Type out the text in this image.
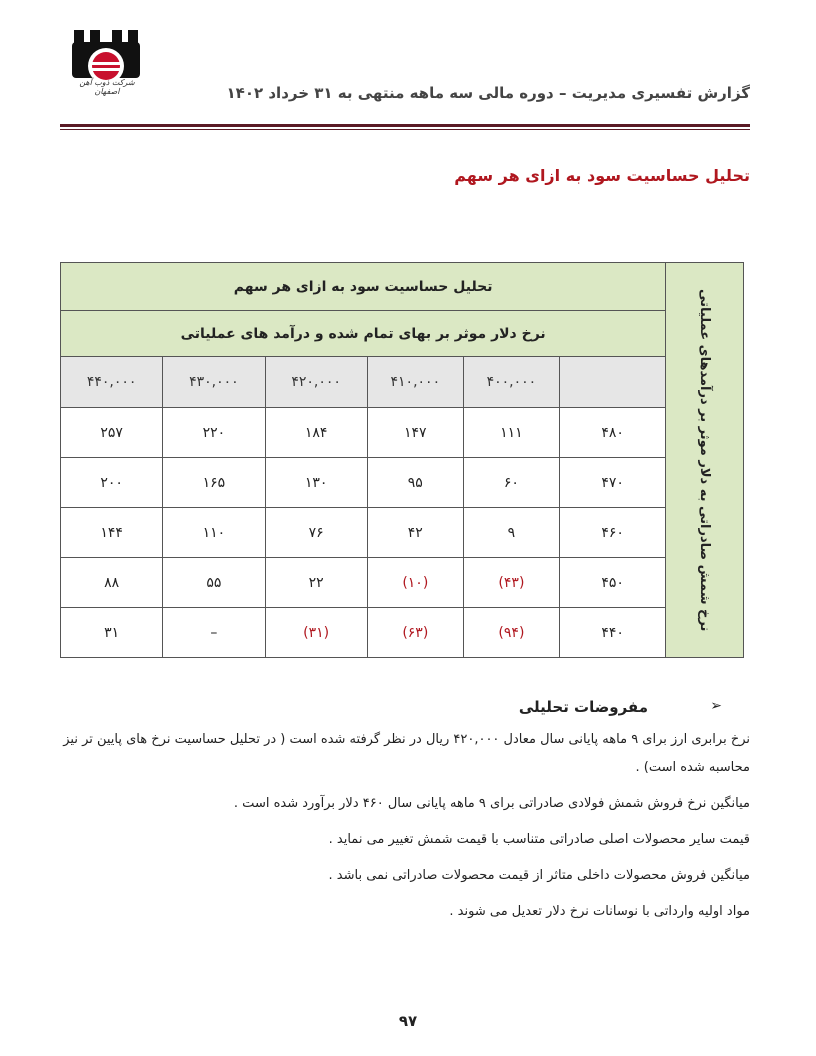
شرکت ذوب آهن اصفهان	گزارش تفسیری مدیریت – دوره مالی سه ماهه منتهی به ۳۱ خرداد ۱۴۰۲
تحلیل حساسیت سود به ازای هر سهم
نرخ شمش صادراتی به دلار موثر بر درآمدهای عملیاتی	تحلیل حساسیت سود به ازای هر سهم					
	نرخ دلار موثر بر بهای تمام شده و درآمد های عملیاتی					
		۴۰۰,۰۰۰	۴۱۰,۰۰۰	۴۲۰,۰۰۰	۴۳۰,۰۰۰	۴۴۰,۰۰۰
	۴۸۰	۱۱۱	۱۴۷	۱۸۴	۲۲۰	۲۵۷
	۴۷۰	۶۰	۹۵	۱۳۰	۱۶۵	۲۰۰
	۴۶۰	۹	۴۲	۷۶	۱۱۰	۱۴۴
	۴۵۰	(۴۳)	(۱۰)	۲۲	۵۵	۸۸
	۴۴۰	(۹۴)	(۶۳)	(۳۱)	–	۳۱
➢
مفروضات تحلیلی

نرخ برابری ارز برای ۹ ماهه پایانی سال معادل ۴۲۰,۰۰۰ ریال در نظر گرفته شده است ( در تحلیل حساسیت نرخ های پایین تر نیز محاسبه شده است) .

میانگین نرخ فروش شمش فولادی صادراتی برای ۹ ماهه پایانی سال ۴۶۰ دلار برآورد شده است .

قیمت سایر محصولات اصلی صادراتی متناسب با قیمت شمش تغییر می نماید .

میانگین فروش محصولات داخلی متاثر از قیمت محصولات صادراتی نمی باشد .

مواد اولیه وارداتی با نوسانات نرخ دلار تعدیل می شوند .

۹۷
